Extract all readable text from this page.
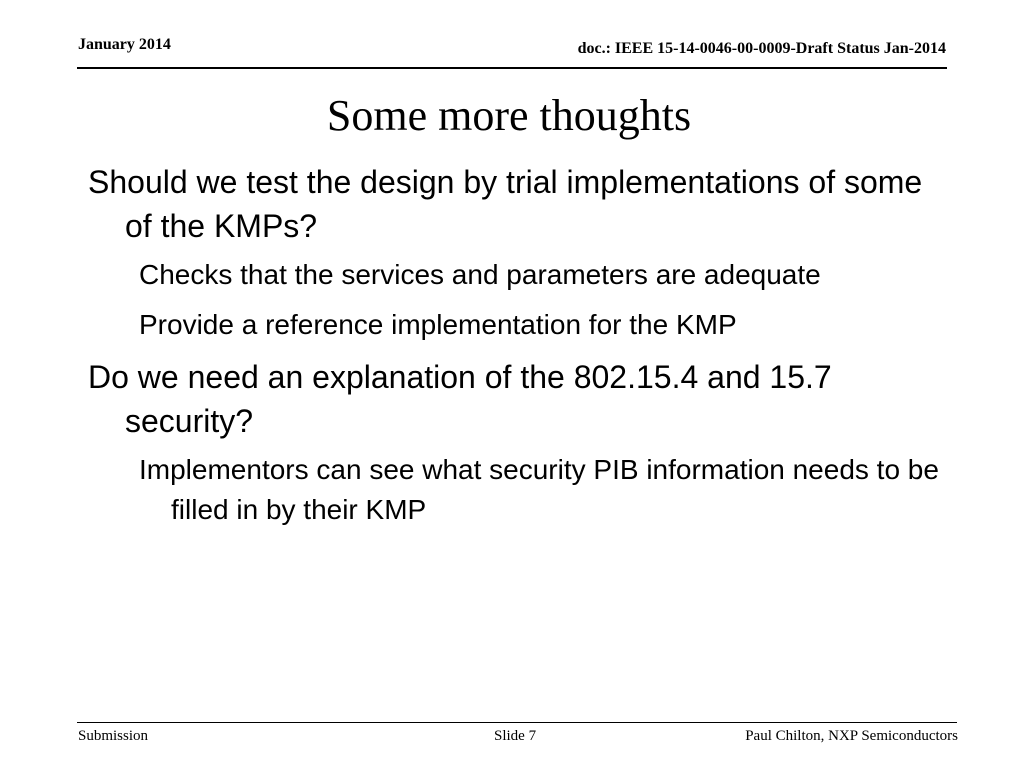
January 2014	doc.: IEEE 15-14-0046-00-0009-Draft Status Jan-2014
Some more thoughts

Should we test the design by trial implementations of some of the KMPs?

Checks that the services and parameters are adequate

Provide a reference implementation for the KMP

Do we need an explanation of the 802.15.4 and 15.7 security?

Implementors can see what security PIB information needs to be filled in by their KMP

Submission	Slide 7	Paul Chilton, NXP Semiconductors
